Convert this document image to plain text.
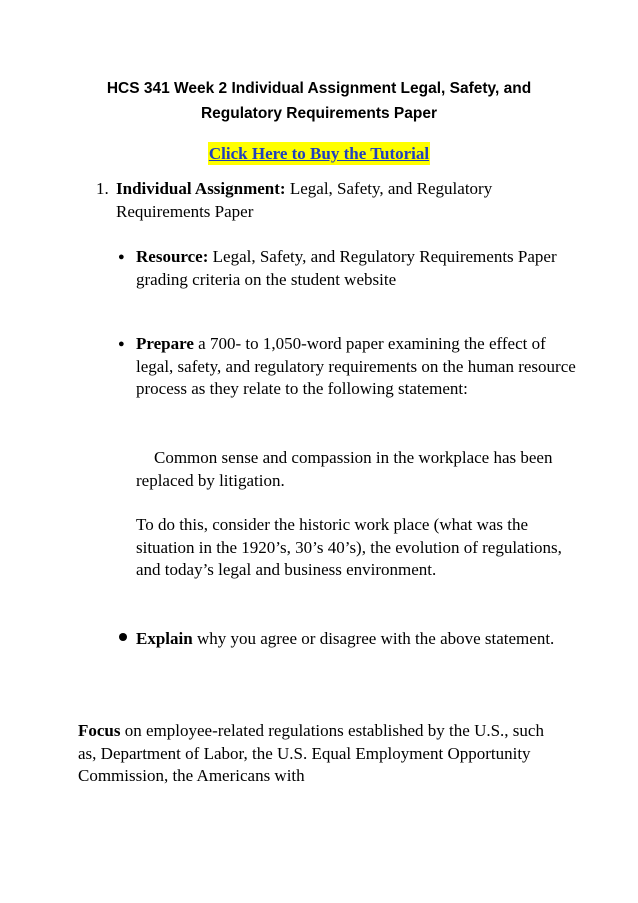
HCS 341 Week 2 Individual Assignment Legal, Safety, and
Regulatory Requirements Paper
Click Here to Buy the Tutorial
1. Individual Assignment: Legal, Safety, and Regulatory Requirements Paper
● Resource: Legal, Safety, and Regulatory Requirements Paper grading criteria on the student website
● Prepare a 700- to 1,050-word paper examining the effect of legal, safety, and regulatory requirements on the human resource process as they relate to the following statement:
Common sense and compassion in the workplace has been replaced by litigation.
To do this, consider the historic work place (what was the situation in the 1920’s, 30’s 40’s), the evolution of regulations, and today’s legal and business environment.
Explain why you agree or disagree with the above statement.
Focus on employee-related regulations established by the U.S., such as, Department of Labor, the U.S. Equal Employment Opportunity Commission, the Americans with
